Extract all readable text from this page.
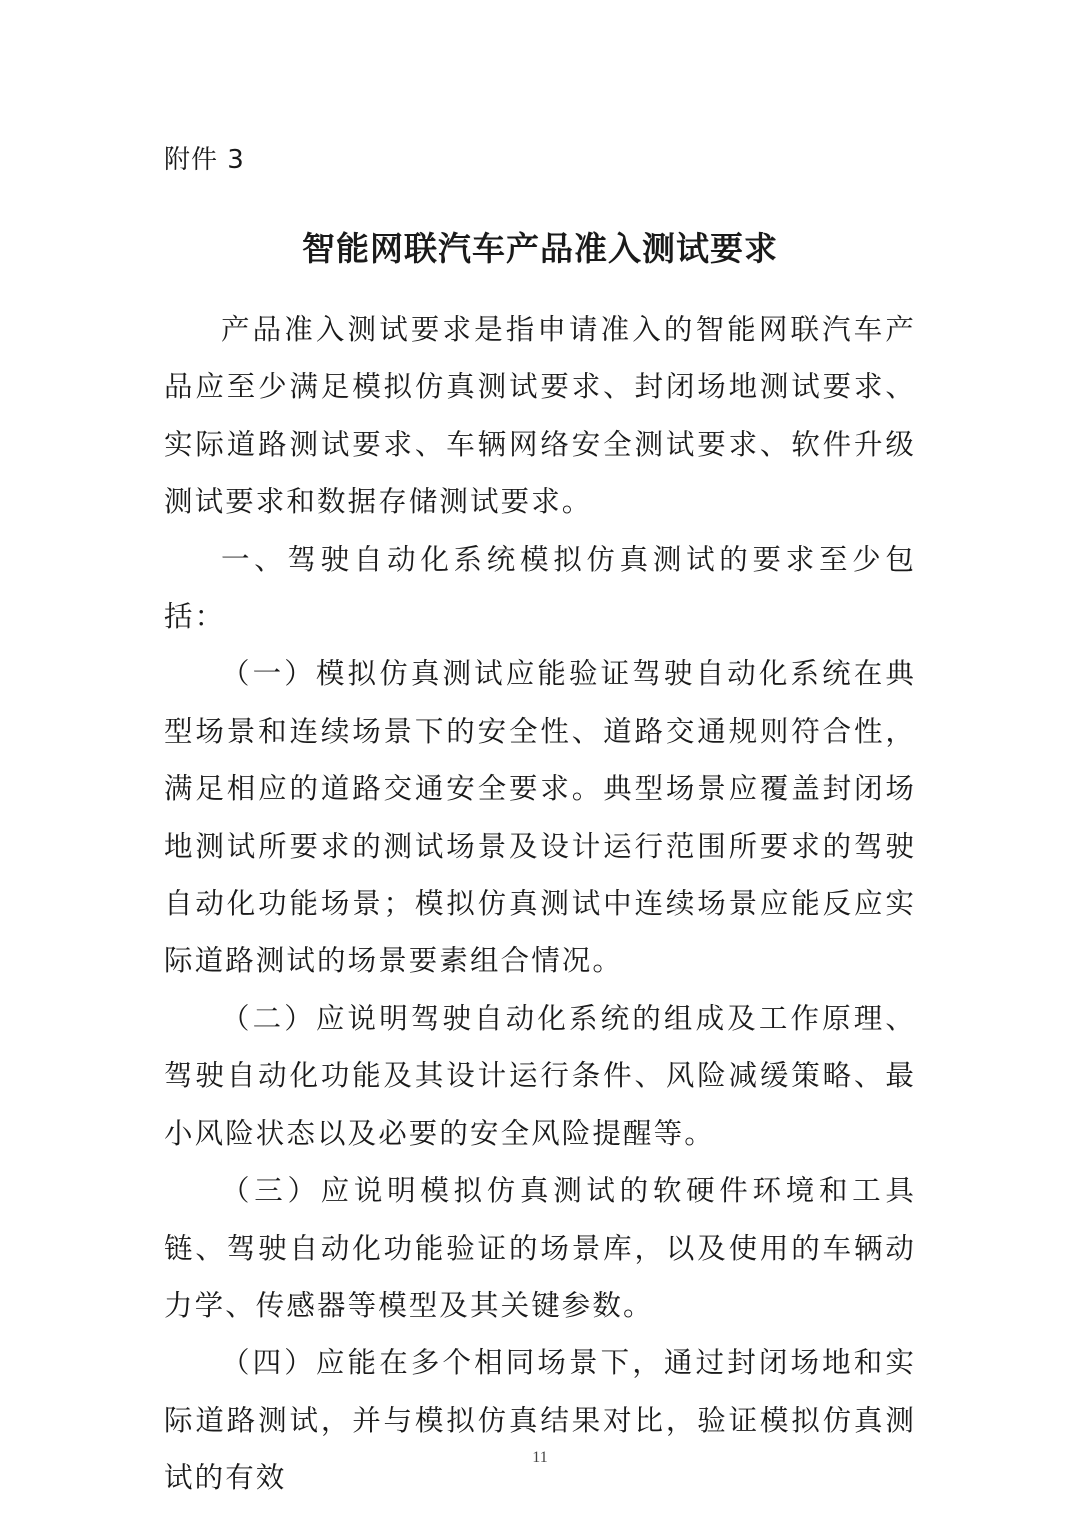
附件 3
智能网联汽车产品准入测试要求

产品准入测试要求是指申请准入的智能网联汽车产品应至少满足模拟仿真测试要求、封闭场地测试要求、实际道路测试要求、车辆网络安全测试要求、软件升级测试要求和数据存储测试要求。

一、驾驶自动化系统模拟仿真测试的要求至少包括：

（一）模拟仿真测试应能验证驾驶自动化系统在典型场景和连续场景下的安全性、道路交通规则符合性，满足相应的道路交通安全要求。典型场景应覆盖封闭场地测试所要求的测试场景及设计运行范围所要求的驾驶自动化功能场景；模拟仿真测试中连续场景应能反应实际道路测试的场景要素组合情况。

（二）应说明驾驶自动化系统的组成及工作原理、驾驶自动化功能及其设计运行条件、风险减缓策略、最小风险状态以及必要的安全风险提醒等。

（三）应说明模拟仿真测试的软硬件环境和工具链、驾驶自动化功能验证的场景库，以及使用的车辆动力学、传感器等模型及其关键参数。

（四）应能在多个相同场景下，通过封闭场地和实际道路测试，并与模拟仿真结果对比，验证模拟仿真测试的有效

11
